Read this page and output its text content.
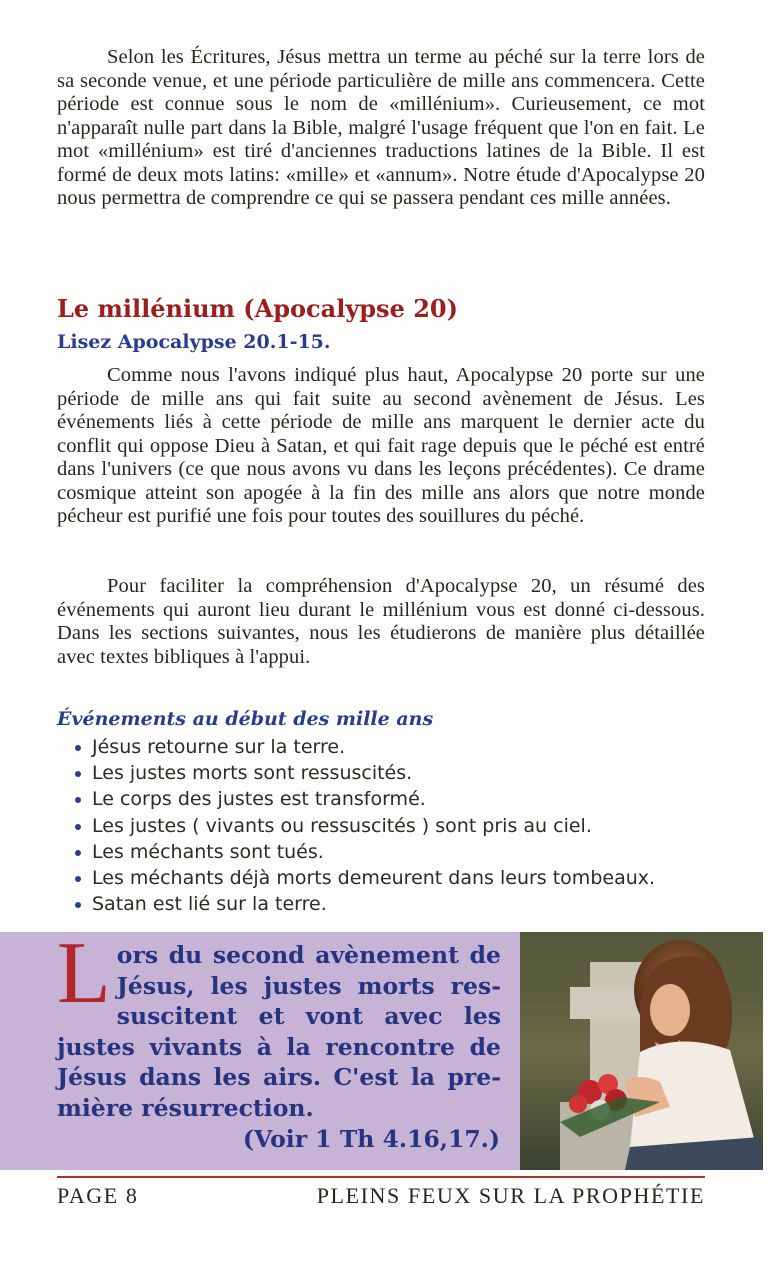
Selon les Écritures, Jésus mettra un terme au péché sur la terre lors de sa seconde venue, et une période particulière de mille ans commencera. Cette période est connue sous le nom de «millénium». Curieusement, ce mot n'apparaît nulle part dans la Bible, malgré l'usage fréquent que l'on en fait. Le mot «millénium» est tiré d'anciennes traductions latines de la Bible. Il est formé de deux mots latins: «mille» et «annum». Notre étude d'Apocalypse 20 nous permettra de comprendre ce qui se passera pendant ces mille années.

Le millénium (Apocalypse 20)
Lisez Apocalypse 20.1-15.

Comme nous l'avons indiqué plus haut, Apocalypse 20 porte sur une période de mille ans qui fait suite au second avènement de Jésus. Les événements liés à cette période de mille ans marquent le dernier acte du conflit qui oppose Dieu à Satan, et qui fait rage depuis que le péché est entré dans l'univers (ce que nous avons vu dans les leçons précédentes). Ce drame cosmique atteint son apogée à la fin des mille ans alors que notre monde pécheur est purifié une fois pour toutes des souillures du péché.

Pour faciliter la compréhension d'Apocalypse 20, un résumé des événements qui auront lieu durant le millénium vous est donné ci-dessous. Dans les sections suivantes, nous les étudierons de manière plus détaillée avec textes bibliques à l'appui.

Événements au début des mille ans
Jésus retourne sur la terre.
Les justes morts sont ressuscités.
Le corps des justes est transformé.
Les justes ( vivants ou ressuscités ) sont pris au ciel.
Les méchants sont tués.
Les méchants déjà morts demeurent dans leurs tombeaux.
Satan est lié sur la terre.

Lors du second avènement de Jésus, les justes morts ressuscitent et vont avec les justes vivants à la rencontre de Jésus dans les airs. C'est la première résurrection.

(Voir 1 Th 4.16,17.)

PAGE 8	PLEINS FEUX SUR LA PROPHÉTIE
